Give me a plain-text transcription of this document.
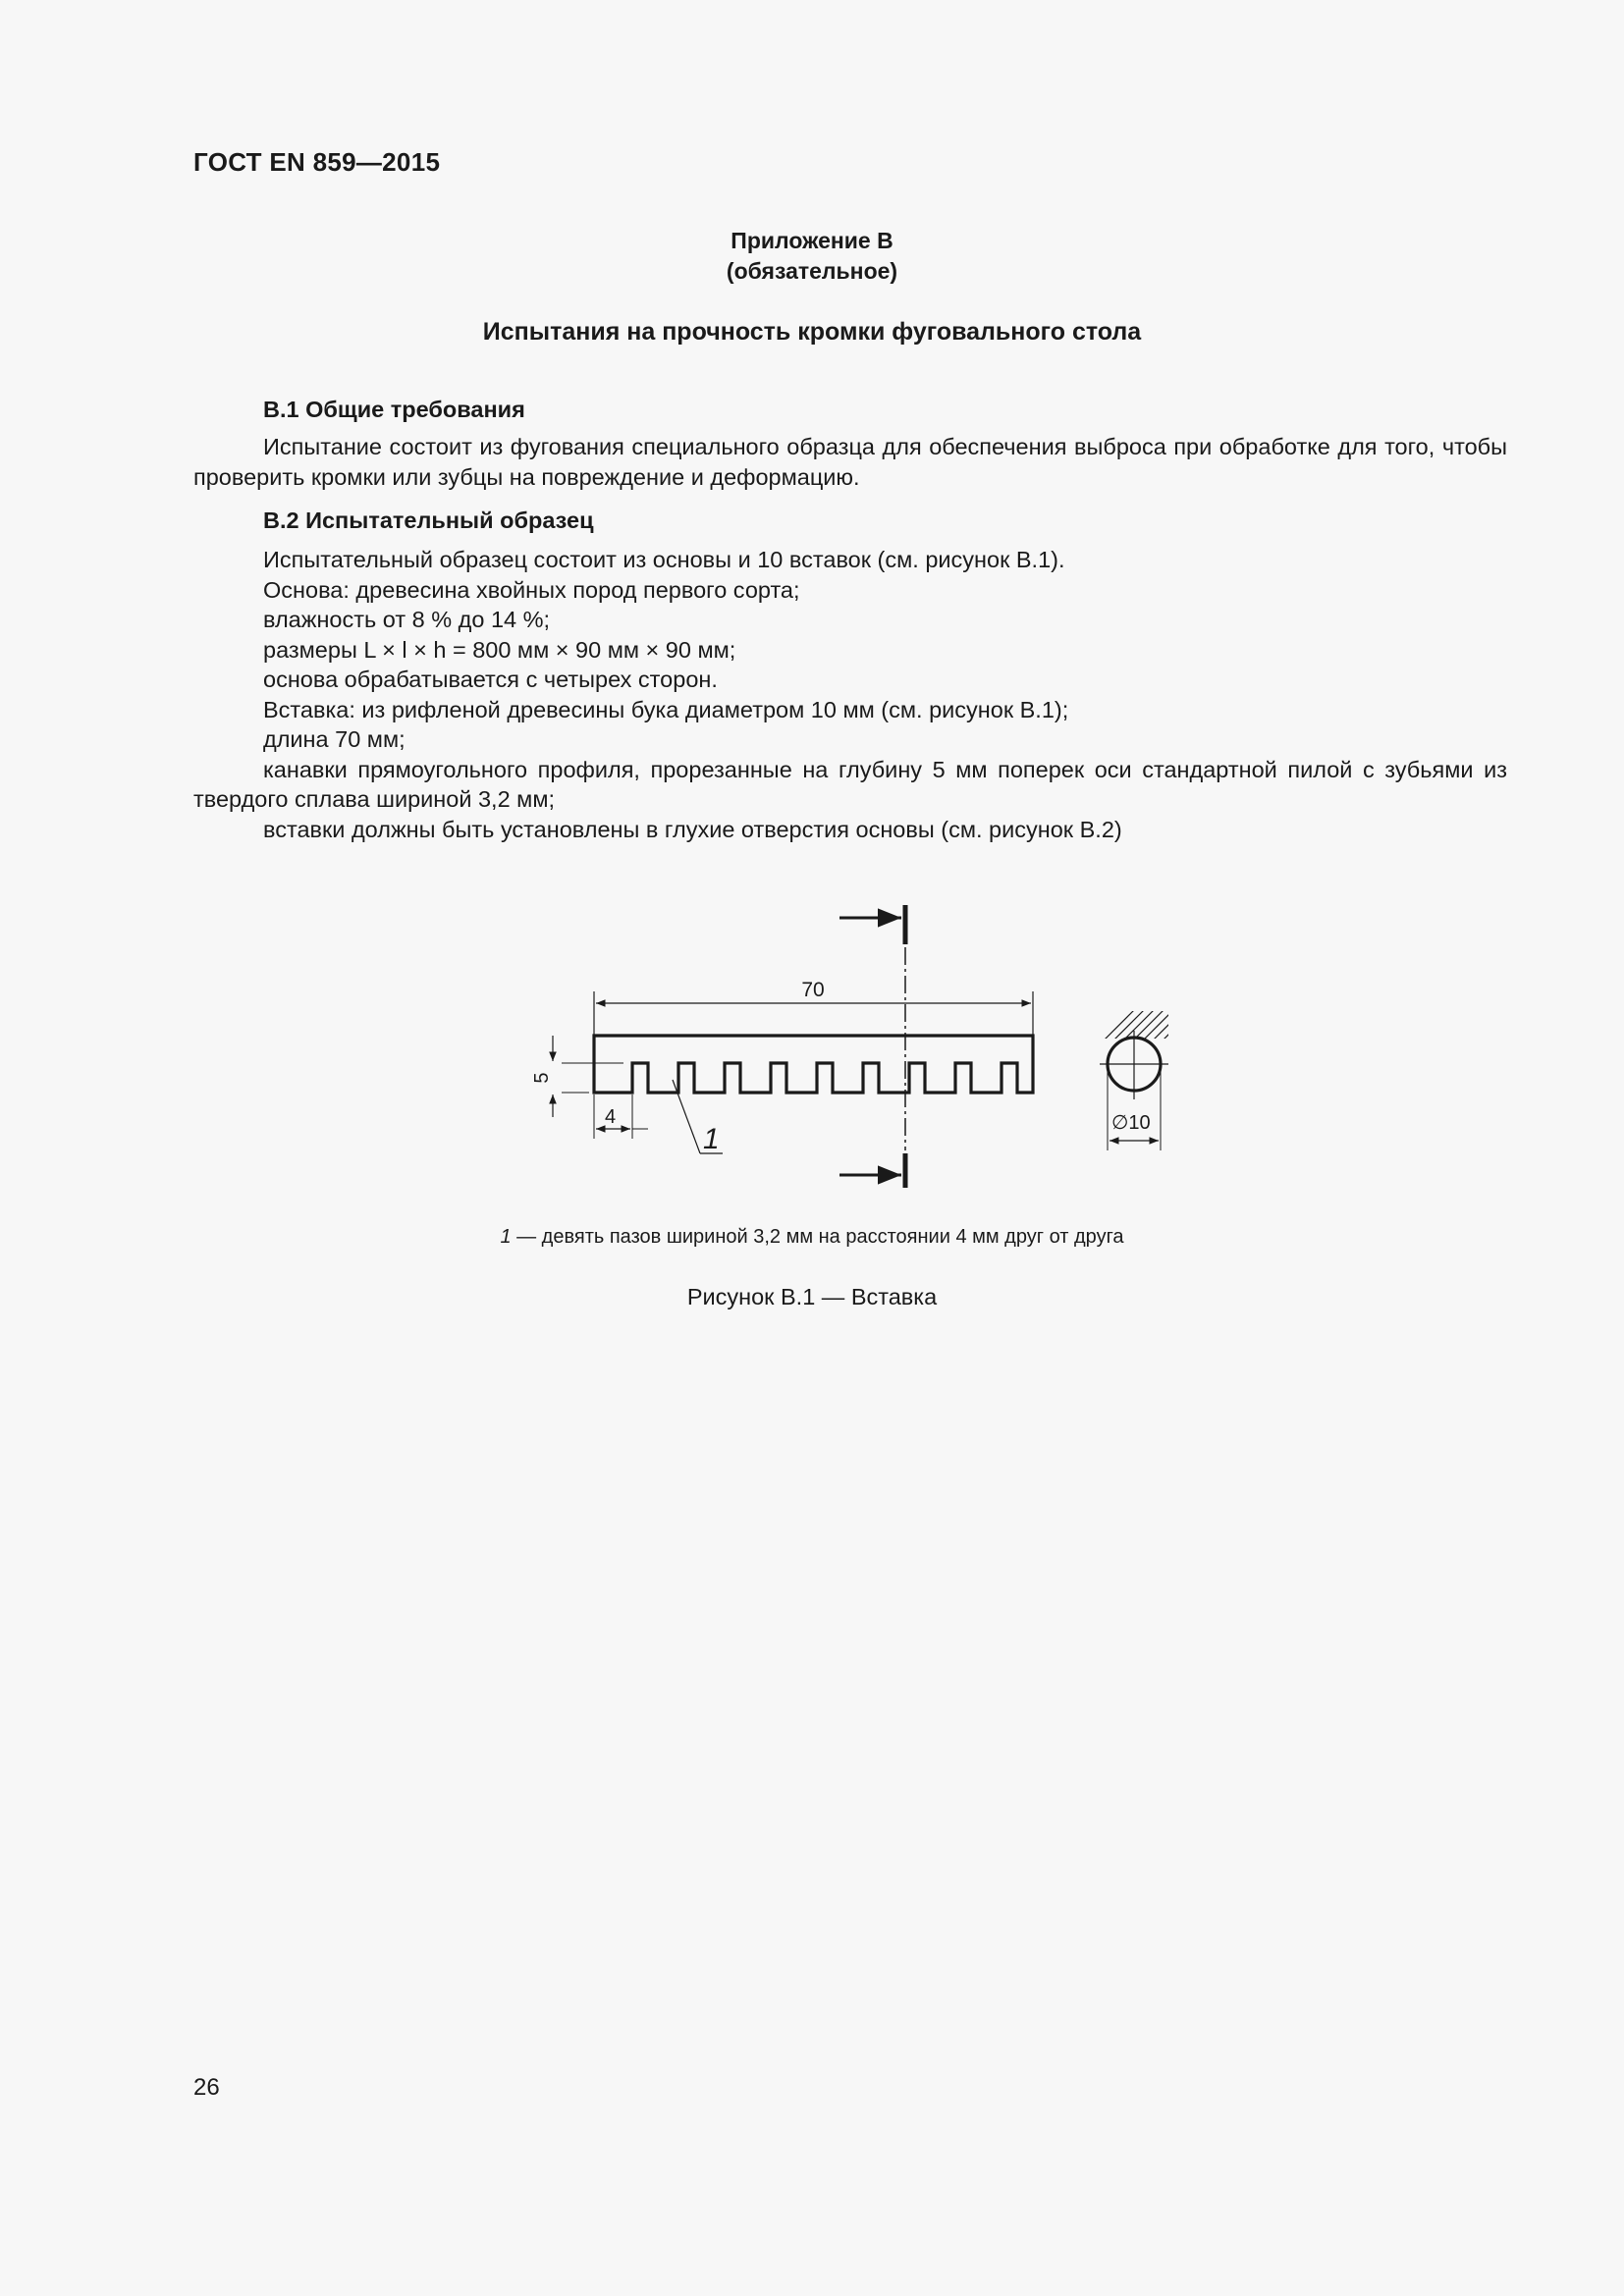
ГОСТ EN 859—2015
Приложение В
(обязательное)
Испытания на прочность кромки фуговального стола
В.1 Общие требования

Испытание состоит из фугования специального образца для обеспечения выброса при обработке для того, чтобы проверить кромки или зубцы на повреждение и деформацию.

В.2 Испытательный образец

Испытательный образец состоит из основы и 10 вставок (см. рисунок В.1).

Основа: древесина хвойных пород первого сорта;

влажность от 8 % до 14 %;

размеры L × l × h = 800 мм × 90 мм × 90 мм;

основа обрабатывается с четырех сторон.

Вставка: из рифленой древесины бука диаметром 10 мм (см. рисунок В.1);

длина 70 мм;

канавки прямоугольного профиля, прорезанные на глубину 5 мм поперек оси стандартной пилой с зубьями из твердого сплава шириной 3,2 мм;

вставки должны быть установлены в глухие отверстия основы (см. рисунок В.2)

70
5
4
1	∅10
1 — девять пазов шириной 3,2 мм на расстоянии 4 мм друг от друга
Рисунок В.1 — Вставка
26
